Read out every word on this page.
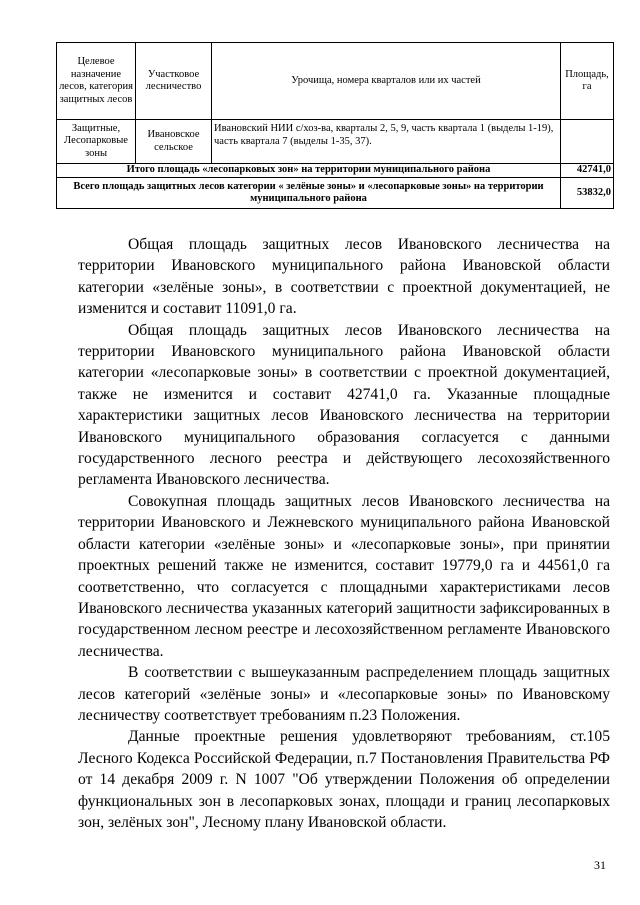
Целевое назначение лесов, категория защитных лесов	Участковое лесничество	Урочища, номера кварталов или их частей	Площадь, га
Защитные, Лесопарковые зоны	Ивановское сельское	Ивановский НИИ с/хоз-ва, кварталы 2, 5, 9, часть квартала 1 (выделы 1-19), часть квартала 7 (выделы 1-35, 37).	
Итого площадь «лесопарковых зон» на территории муниципального района			42741,0
Всего площадь защитных лесов категории « зелёные зоны» и «лесопарковые зоны» на территории муниципального района			53832,0

Общая площадь защитных лесов Ивановского лесничества на территории Ивановского муниципального района Ивановской области категории «зелёные зоны», в соответствии с проектной документацией, не изменится и составит 11091,0 га.

Общая площадь защитных лесов Ивановского лесничества на территории Ивановского муниципального района Ивановской области категории «лесопарковые зоны» в соответствии с проектной документацией, также не изменится и составит 42741,0 га. Указанные площадные характеристики защитных лесов Ивановского лесничества на территории Ивановского муниципального образования согласуется с данными государственного лесного реестра и действующего лесохозяйственного регламента Ивановского лесничества.

Совокупная площадь защитных лесов Ивановского лесничества на территории Ивановского и Лежневского муниципального района Ивановской области категории «зелёные зоны» и «лесопарковые зоны», при принятии проектных решений также не изменится, составит 19779,0 га и 44561,0 га соответственно, что согласуется с площадными характеристиками лесов Ивановского лесничества указанных категорий защитности зафиксированных в государственном лесном реестре и лесохозяйственном регламенте Ивановского лесничества.

В соответствии с вышеуказанным распределением площадь защитных лесов категорий «зелёные зоны» и «лесопарковые зоны» по Ивановскому лесничеству соответствует требованиям п.23 Положения.

Данные проектные решения удовлетворяют требованиям, ст.105 Лесного Кодекса Российской Федерации, п.7 Постановления Правительства РФ от 14 декабря 2009 г. N 1007 "Об утверждении Положения об определении функциональных зон в лесопарковых зонах, площади и границ лесопарковых зон, зелёных зон", Лесному плану Ивановской области.

31
